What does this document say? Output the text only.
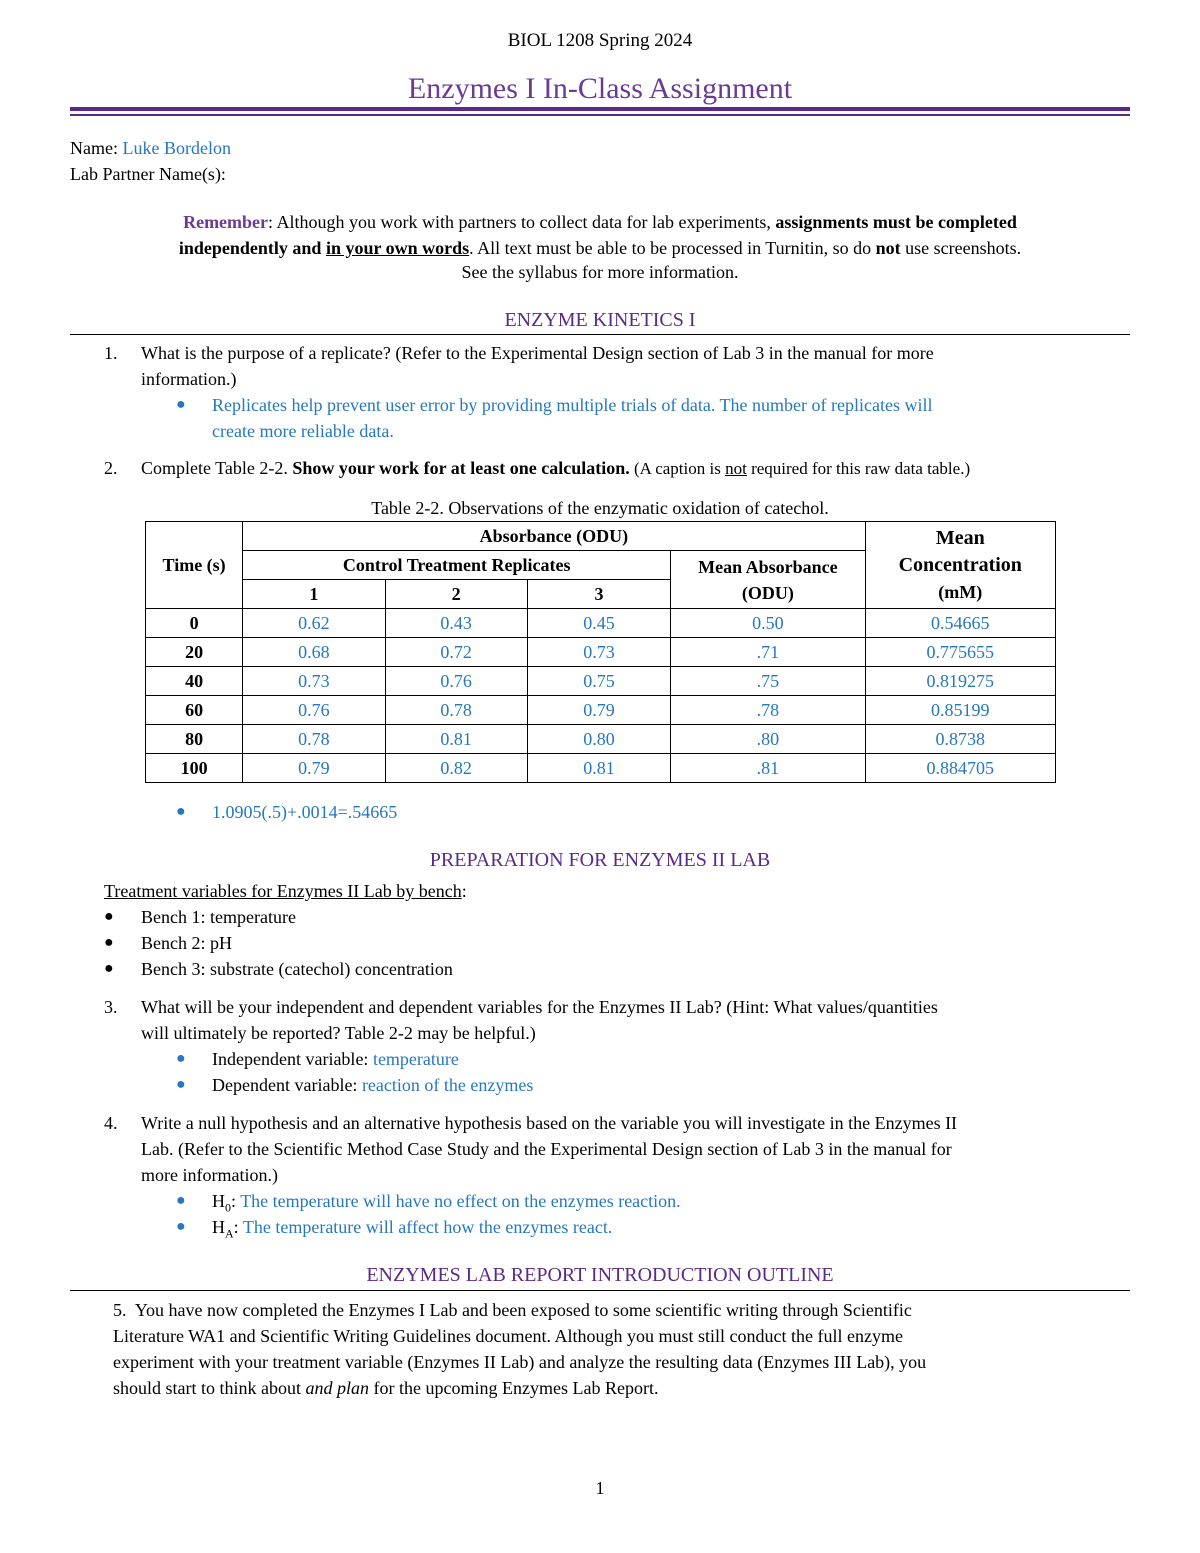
BIOL 1208 Spring 2024
Enzymes I In-Class Assignment
Name: Luke Bordelon
Lab Partner Name(s):
Remember: Although you work with partners to collect data for lab experiments, assignments must be completed
independently and in your own words. All text must be able to be processed in Turnitin, so do not use screenshots.
See the syllabus for more information.
ENZYME KINETICS I
1. What is the purpose of a replicate? (Refer to the Experimental Design section of Lab 3 in the manual for more
information.)
● Replicates help prevent user error by providing multiple trials of data. The number of replicates will
create more reliable data.
2. Complete Table 2-2. Show your work for at least one calculation. (A caption is not required for this raw data table.)
Table 2-2. Observations of the enzymatic oxidation of catechol.
Time (s)	Absorbance (ODU)				Mean
Concentration
(mM)

	Control Treatment Replicates			Mean Absorbance
(ODU)	

	1	2	3		
0	0.62	0.43	0.45	0.50	0.54665
20	0.68	0.72	0.73	.71	0.775655
40	0.73	0.76	0.75	.75	0.819275
60	0.76	0.78	0.79	.78	0.85199
80	0.78	0.81	0.80	.80	0.8738
100	0.79	0.82	0.81	.81	0.884705
● 1.0905(.5)+.0014=.54665
PREPARATION FOR ENZYMES II LAB
Treatment variables for Enzymes II Lab by bench:
● Bench 1: temperature
● Bench 2: pH
● Bench 3: substrate (catechol) concentration
3. What will be your independent and dependent variables for the Enzymes II Lab? (Hint: What values/quantities
will ultimately be reported? Table 2-2 may be helpful.)
● Independent variable: temperature
● Dependent variable: reaction of the enzymes
4. Write a null hypothesis and an alternative hypothesis based on the variable you will investigate in the Enzymes II
Lab. (Refer to the Scientific Method Case Study and the Experimental Design section of Lab 3 in the manual for
more information.)
● $H_0$: The temperature will have no effect on the enzymes reaction.
● $H_A$: The temperature will affect how the enzymes react.
ENZYMES LAB REPORT INTRODUCTION OUTLINE
5. You have now completed the Enzymes I Lab and been exposed to some scientific writing through Scientific
Literature WA1 and Scientific Writing Guidelines document. Although you must still conduct the full enzyme
experiment with your treatment variable (Enzymes II Lab) and analyze the resulting data (Enzymes III Lab), you
should start to think about and plan for the upcoming Enzymes Lab Report.
1
